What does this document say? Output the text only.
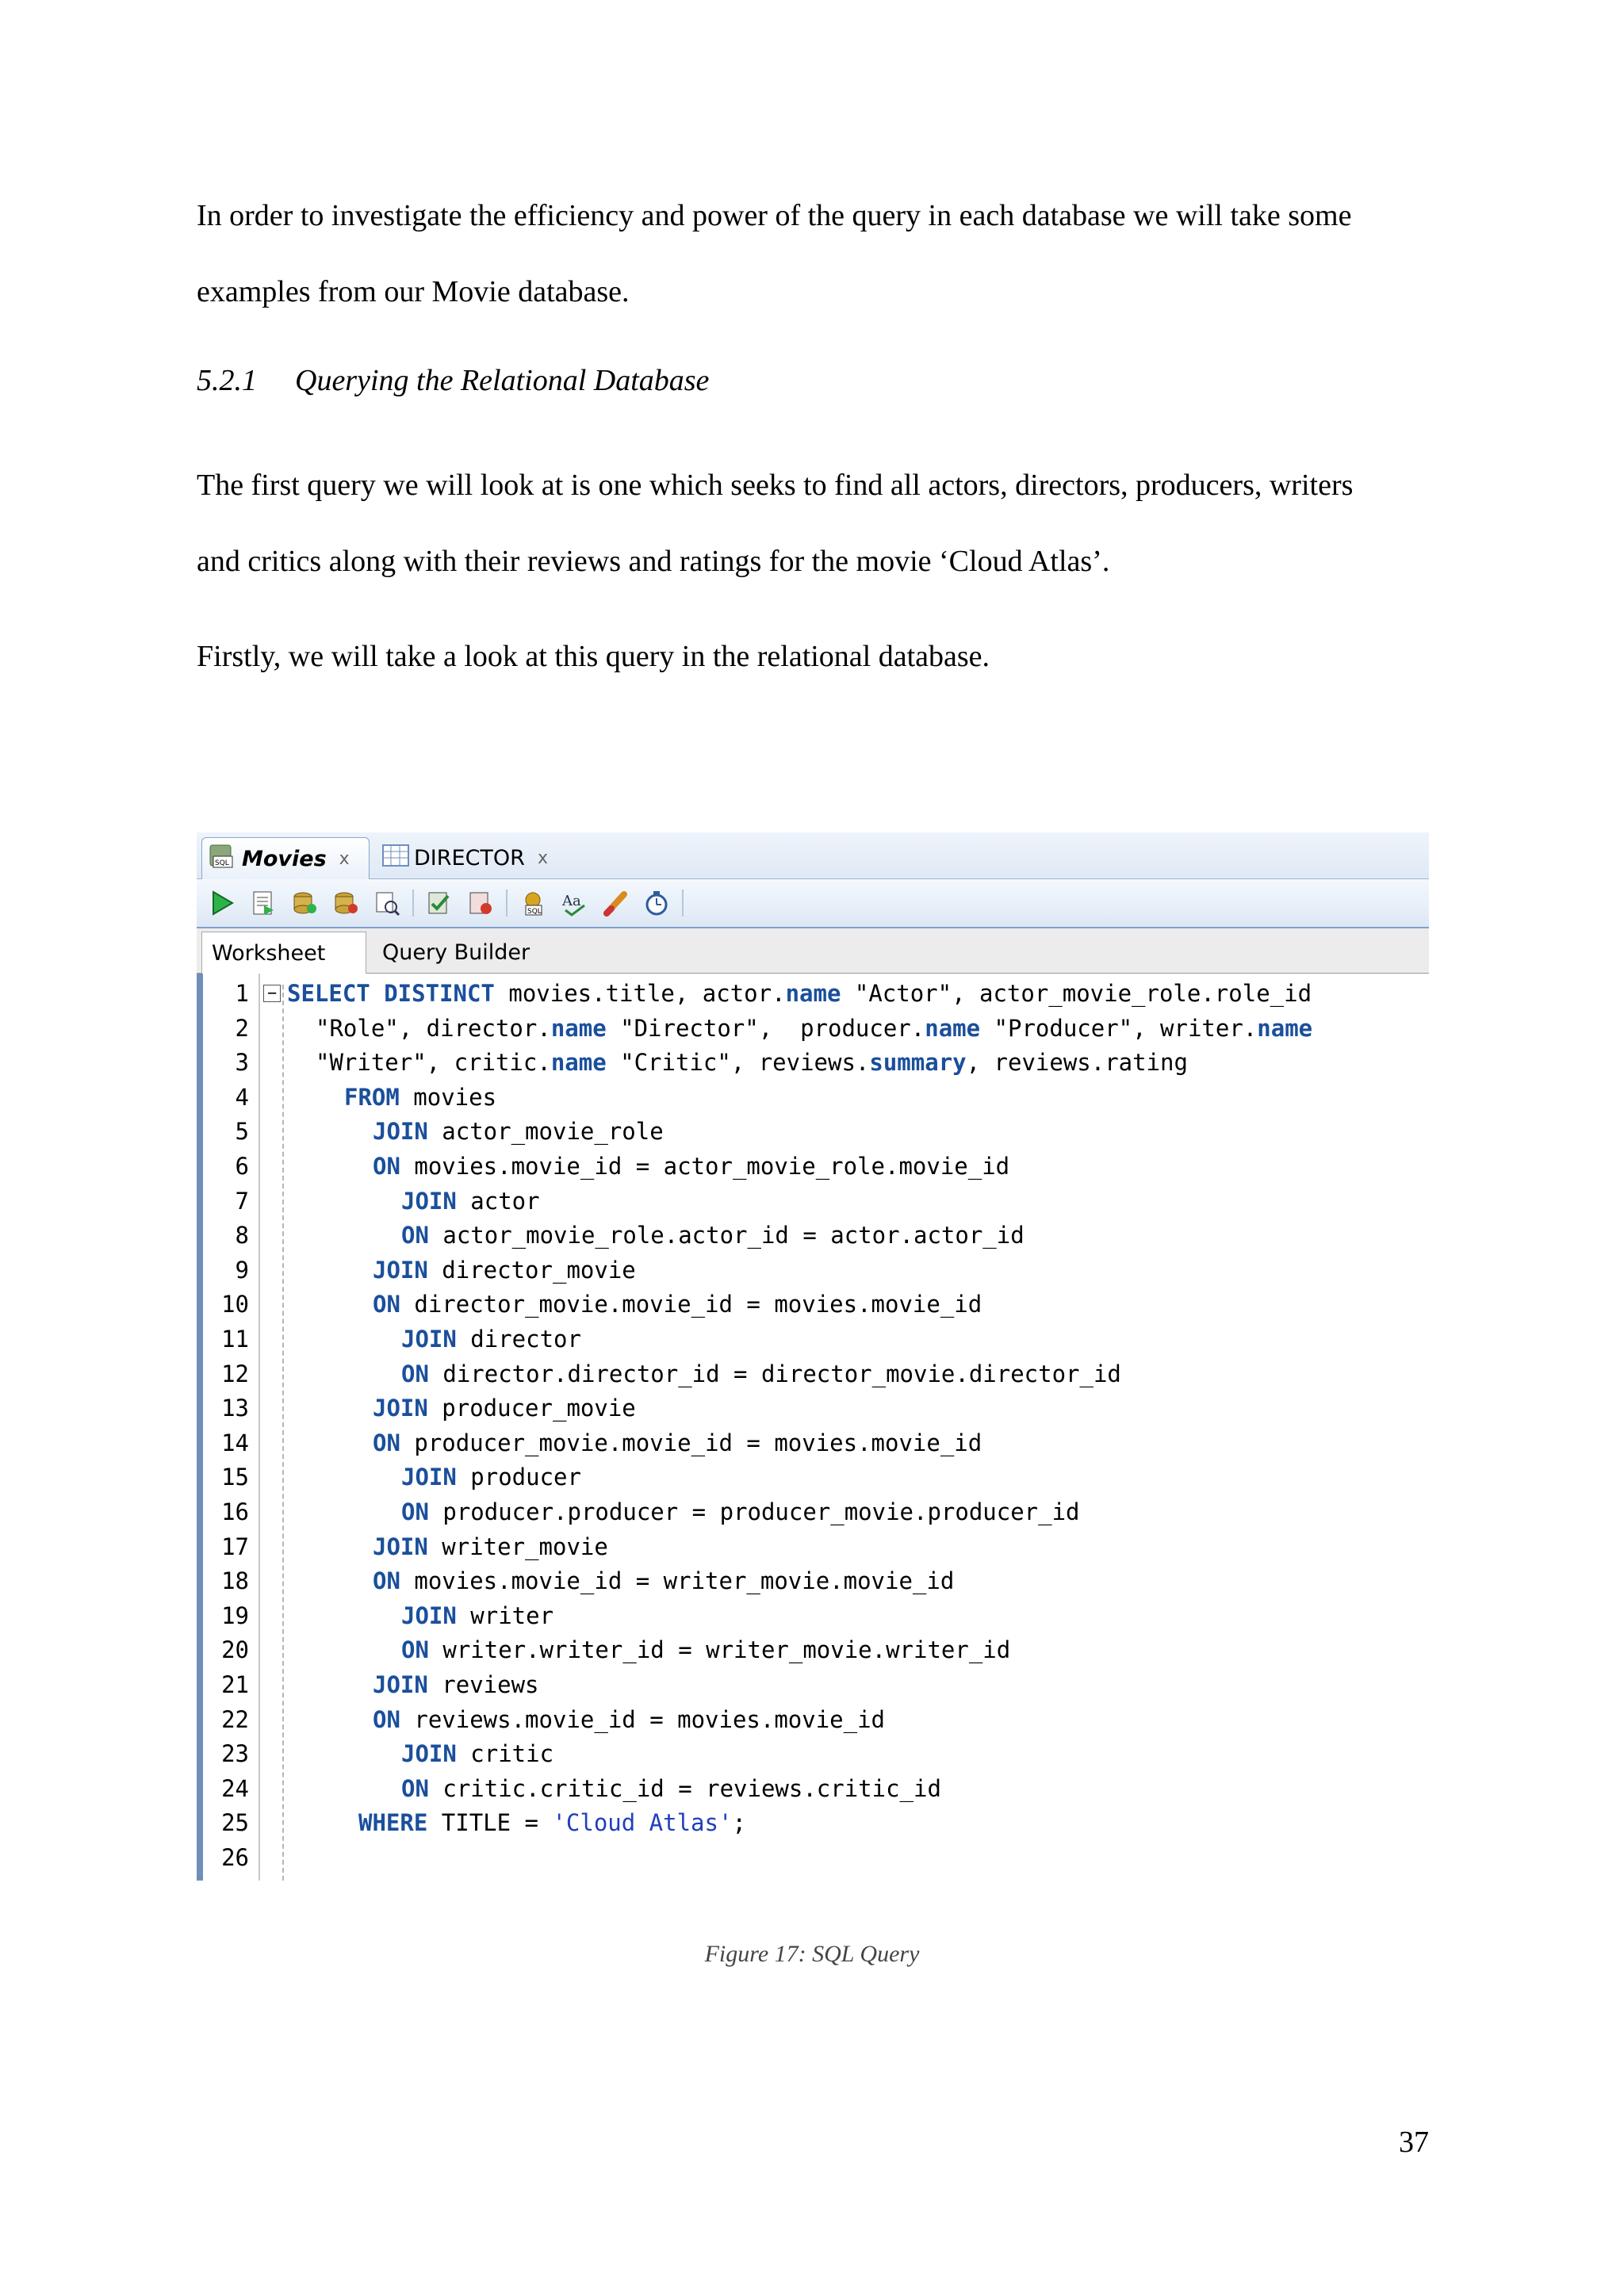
In order to investigate the efficiency and power of the query in each database we will take some

examples from our Movie database.

5.2.1 Querying the Relational Database

The first query we will look at is one which seeks to find all actors, directors, producers, writers

and critics along with their reviews and ratings for the movie ‘Cloud Atlas’.

Firstly, we will take a look at this query in the relational database.

SQL Movies x	DIRECTOR x
SQL
Aa
Worksheet	Query Builder
1 − SELECT DISTINCT movies.title, actor.name "Actor", actor_movie_role.role_id
2	"Role", director.name "Director",  producer.name "Producer", writer.name
3	"Writer", critic.name "Critic", reviews.summary, reviews.rating
4	FROM movies
5	JOIN actor_movie_role
6	ON movies.movie_id = actor_movie_role.movie_id
7	JOIN actor
8	ON actor_movie_role.actor_id = actor.actor_id
9	JOIN director_movie
10	ON director_movie.movie_id = movies.movie_id
11	JOIN director
12	ON director.director_id = director_movie.director_id
13	JOIN producer_movie
14	ON producer_movie.movie_id = movies.movie_id
15	JOIN producer
16	ON producer.producer = producer_movie.producer_id
17	JOIN writer_movie
18	ON movies.movie_id = writer_movie.movie_id
19	JOIN writer
20	ON writer.writer_id = writer_movie.writer_id
21	JOIN reviews
22	ON reviews.movie_id = movies.movie_id
23	JOIN critic
24	ON critic.critic_id = reviews.critic_id
25	WHERE TITLE = 'Cloud Atlas';
26
Figure 17: SQL Query
37
